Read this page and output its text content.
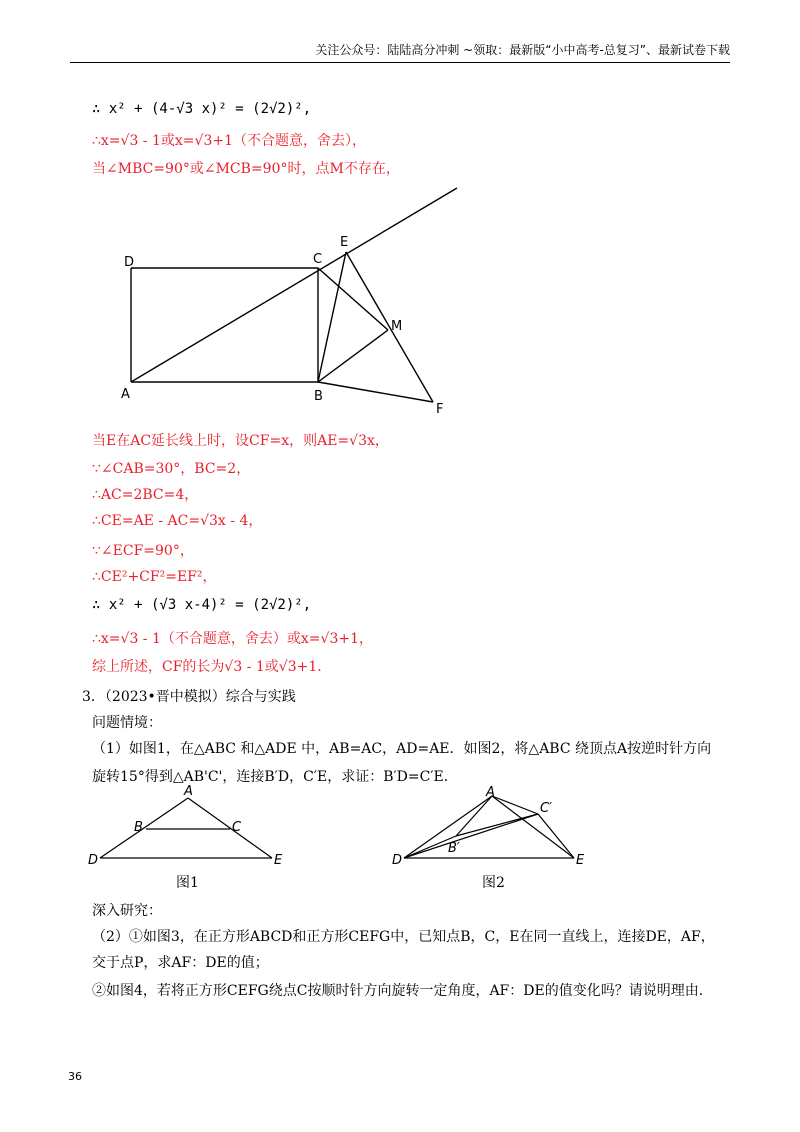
关注公众号：陆陆高分冲刺 ~领取：最新版“小中高考-总复习”、最新试卷下载
∴ x² + (4-√3 x)² = (2√2)²,
∴x=√3 - 1或x=√3+1（不合题意，舍去），
当∠MBC=90°或∠MCB=90°时，点M不存在，
D	C
E
M
A	B
F
当E在AC延长线上时，设CF=x，则AE=√3x，
∵∠CAB=30°，BC=2，
∴AC=2BC=4，
∴CE=AE - AC=√3x - 4，
∵∠ECF=90°，
∴CE²+CF²=EF²，
∴ x² + (√3 x-4)² = (2√2)²,
∴x=√3 - 1（不合题意，舍去）或x=√3+1，
综上所述，CF的长为√3 - 1或√3+1.
3．（2023•晋中模拟）综合与实践
问题情境：
（1）如图1，在△ABC 和△ADE 中，AB=AC，AD=AE．如图2，将△ABC 绕顶点A按逆时针方向
旋转15°得到△AB'C'，连接B′D，C′E，求证：B′D=C′E．
A
B	C
D	E
图1
A
C′
B′
D	E
图2
深入研究：
（2）①如图3，在正方形ABCD和正方形CEFG中，已知点B，C，E在同一直线上，连接DE，AF，
交于点P，求AF：DE的值；
②如图4，若将正方形CEFG绕点C按顺时针方向旋转一定角度，AF：DE的值变化吗？请说明理由.
36
